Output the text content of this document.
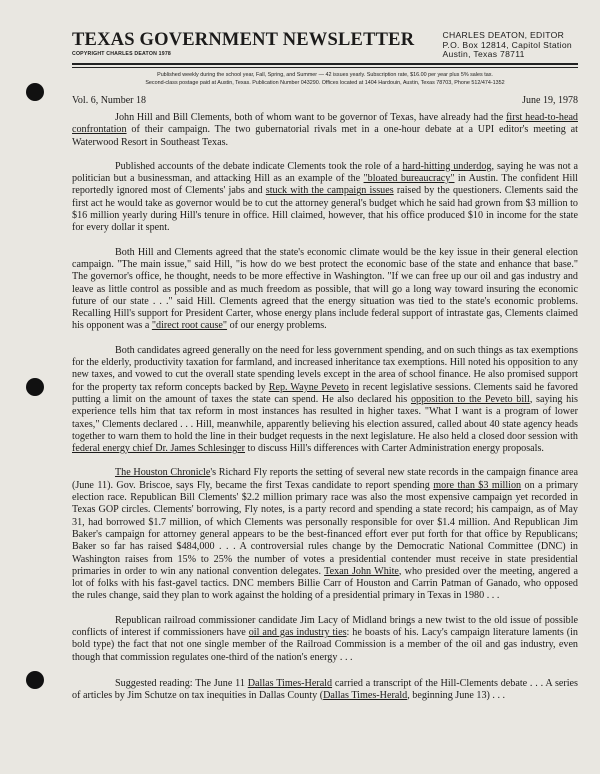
TEXAS GOVERNMENT NEWSLETTER
COPYRIGHT CHARLES DEATON 1978
CHARLES DEATON, EDITOR
P.O. Box 12814, Capitol Station
Austin, Texas 78711
Published weekly during the school year, Fall, Spring, and Summer — 42 issues yearly. Subscription rate, $16.00 per year plus 5% sales tax.
Second-class postage paid at Austin, Texas. Publication Number 043290. Offices located at 1404 Hardouin, Austin, Texas 78703, Phone 512/474-1352
Vol. 6, Number 18	June 19, 1978

John Hill and Bill Clements, both of whom want to be governor of Texas, have already had the first head-to-head confrontation of their campaign. The two gubernatorial rivals met in a one-hour debate at a UPI editor's meeting at Waterwood Resort in Southeast Texas.

Published accounts of the debate indicate Clements took the role of a hard-hitting underdog, saying he was not a politician but a businessman, and attacking Hill as an example of the "bloated bureaucracy" in Austin. The confident Hill reportedly ignored most of Clements' jabs and stuck with the campaign issues raised by the questioners. Clements said the first act he would take as governor would be to cut the attorney general's budget which he said had grown from $3 million to $16 million yearly during Hill's tenure in office. Hill claimed, however, that his office produced $10 in income for the state for every dollar it spent.

Both Hill and Clements agreed that the state's economic climate would be the key issue in their general election campaign. "The main issue," said Hill, "is how do we best protect the economic base of the state and enhance that base." The governor's office, he thought, needs to be more effective in Washington. "If we can free up our oil and gas industry and leave as little control as possible and as much freedom as possible, that will go a long way toward insuring the economic future of our state . . ." said Hill. Clements agreed that the energy situation was tied to the state's economic problems. Recalling Hill's support for President Carter, whose energy plans include federal support of intrastate gas, Clements claimed his opponent was a "direct root cause" of our energy problems.

Both candidates agreed generally on the need for less government spending, and on such things as tax exemptions for the elderly, productivity taxation for farmland, and increased inheritance tax exemptions. Hill noted his opposition to any new taxes, and vowed to cut the overall state spending levels except in the area of school finance. He also promised support for the property tax reform concepts backed by Rep. Wayne Peveto in recent legislative sessions. Clements said he favored putting a limit on the amount of taxes the state can spend. He also declared his opposition to the Peveto bill, saying his experience tells him that tax reform in most instances has resulted in higher taxes. "What I want is a program of lower taxes," Clements declared . . . Hill, meanwhile, apparently believing his election assured, called about 40 state agency heads together to warn them to hold the line in their budget requests in the next legislature. He also held a closed door session with federal energy chief Dr. James Schlesinger to discuss Hill's differences with Carter Administration energy proposals.

The Houston Chronicle's Richard Fly reports the setting of several new state records in the campaign finance area (June 11). Gov. Briscoe, says Fly, became the first Texas candidate to report spending more than $3 million on a primary election race. Republican Bill Clements' $2.2 million primary race was also the most expensive campaign yet recorded in Texas GOP circles. Clements' borrowing, Fly notes, is a party record and spending a state record; his campaign, as of May 31, had borrowed $1.7 million, of which Clements was personally responsible for over $1.4 million. And Republican Jim Baker's campaign for attorney general appears to be the best-financed effort ever put forth for that office by Republicans; Baker so far has raised $484,000 . . . A controversial rules change by the Democratic National Committee (DNC) in Washington raises from 15% to 25% the number of votes a presidential contender must receive in state presidential primaries in order to win any national convention delegates. Texan John White, who presided over the meeting, angered a lot of folks with his fast-gavel tactics. DNC members Billie Carr of Houston and Carrin Patman of Ganado, who opposed the rules change, said they plan to work against the holding of a presidential primary in Texas in 1980 . . .

Republican railroad commissioner candidate Jim Lacy of Midland brings a new twist to the old issue of possible conflicts of interest if commissioners have oil and gas industry ties: he boasts of his. Lacy's campaign literature laments (in bold type) the fact that not one single member of the Railroad Commission is a member of the oil and gas industry, even though that commission regulates one-third of the nation's energy . . .

Suggested reading: The June 11 Dallas Times-Herald carried a transcript of the Hill-Clements debate . . . A series of articles by Jim Schutze on tax inequities in Dallas County (Dallas Times-Herald, beginning June 13) . . .
